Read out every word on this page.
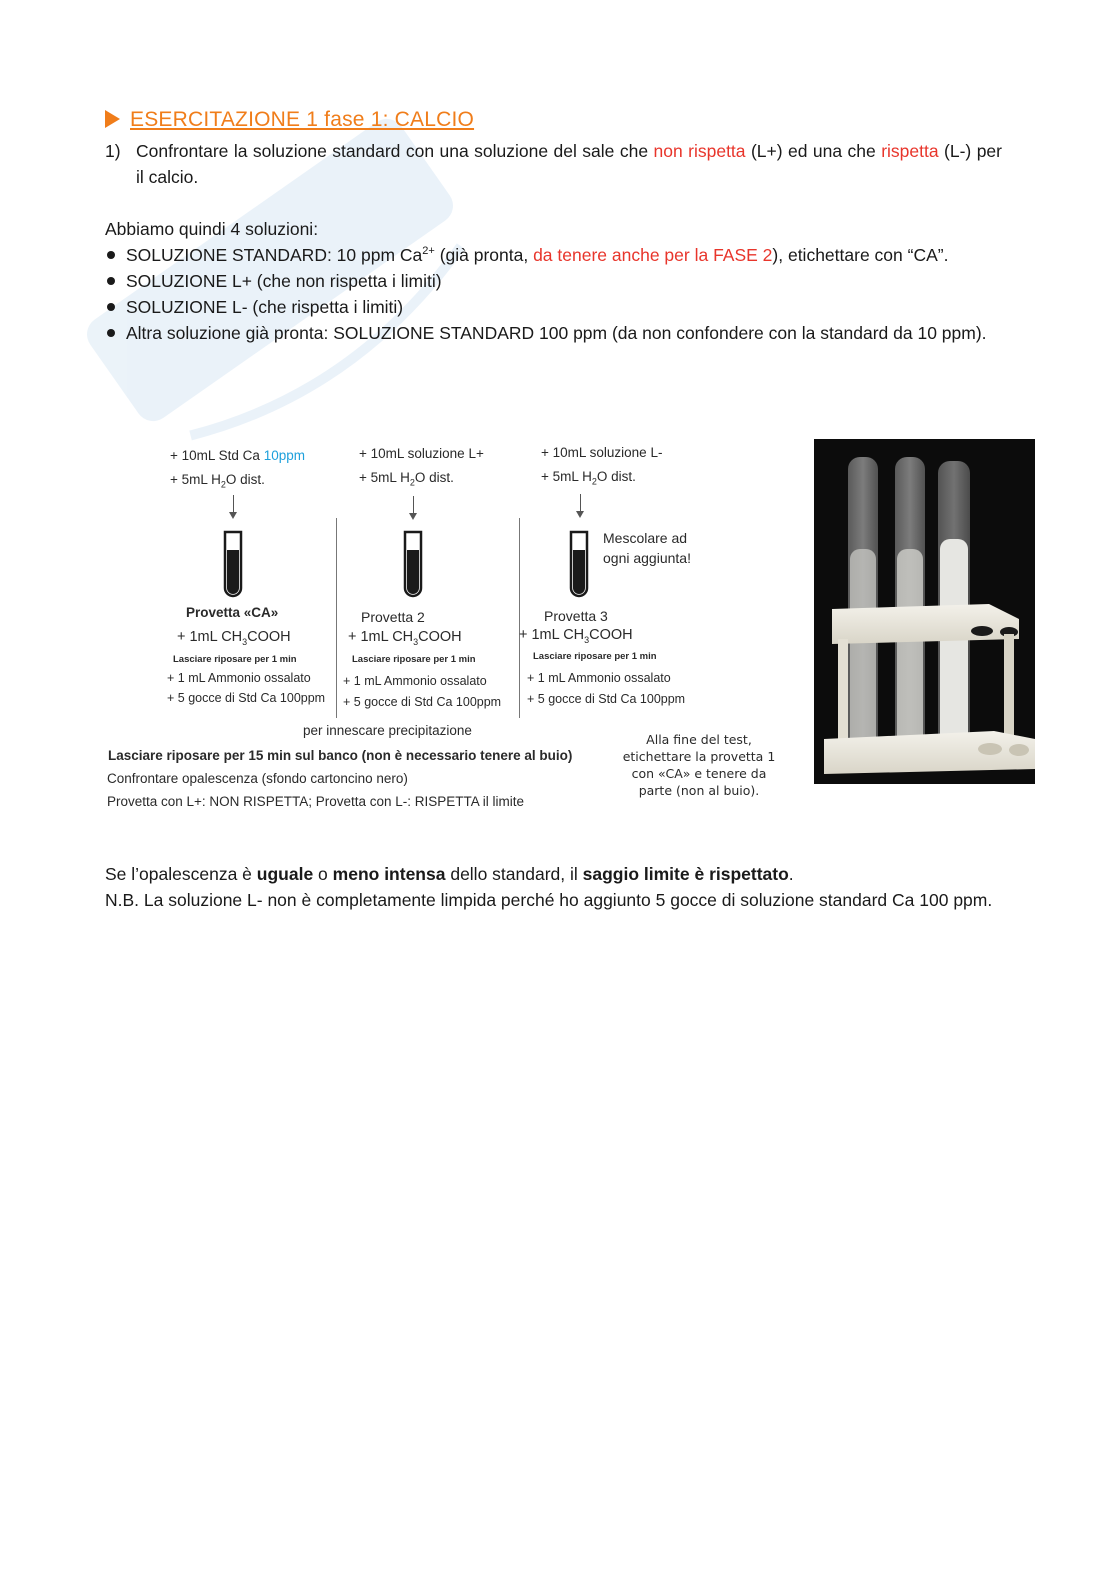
ESERCITAZIONE 1 fase 1: CALCIO
1) Confrontare la soluzione standard con una soluzione del sale che non rispetta (L+) ed una che rispetta (L-) per il calcio.
Abbiamo quindi 4 soluzioni:
SOLUZIONE STANDARD: 10 ppm $Ca^{2+}$ (già pronta, da tenere anche per la FASE 2), etichettare con “CA”.
SOLUZIONE L+ (che non rispetta i limiti)
SOLUZIONE L- (che rispetta i limiti)
Altra soluzione già pronta: SOLUZIONE STANDARD 100 ppm (da non confondere con la standard da 10 ppm).
+ 10mL Std Ca 10ppm
+ 5mL $H_2O$ dist.
Provetta «CA»
+ 1mL $CH_3COOH$
Lasciare riposare per 1 min
+ 1 mL Ammonio ossalato
+ 5 gocce di Std Ca 100ppm
+ 10mL soluzione L+
+ 5mL $H_2O$ dist.
Provetta 2
+ 1mL $CH_3COOH$
Lasciare riposare per 1 min
+ 1 mL Ammonio ossalato
+ 5 gocce di Std Ca 100ppm
+ 10mL soluzione L-
+ 5mL $H_2O$ dist.
Mescolare ad
ogni aggiunta!
Provetta 3
+ 1mL $CH_3COOH$
Lasciare riposare per 1 min
+ 1 mL Ammonio ossalato
+ 5 gocce di Std Ca 100ppm
per innescare precipitazione
Lasciare riposare per 15 min sul banco (non è necessario tenere al buio)
Confrontare opalescenza (sfondo cartoncino nero)
Provetta con L+: NON RISPETTA; Provetta con L-: RISPETTA il limite
Alla fine del test,
etichettare la provetta 1
con «CA» e tenere da
parte (non al buio).
Se l’opalescenza è uguale o meno intensa dello standard, il saggio limite è rispettato.
N.B. La soluzione L- non è completamente limpida perché ho aggiunto 5 gocce di soluzione standard Ca 100 ppm.
